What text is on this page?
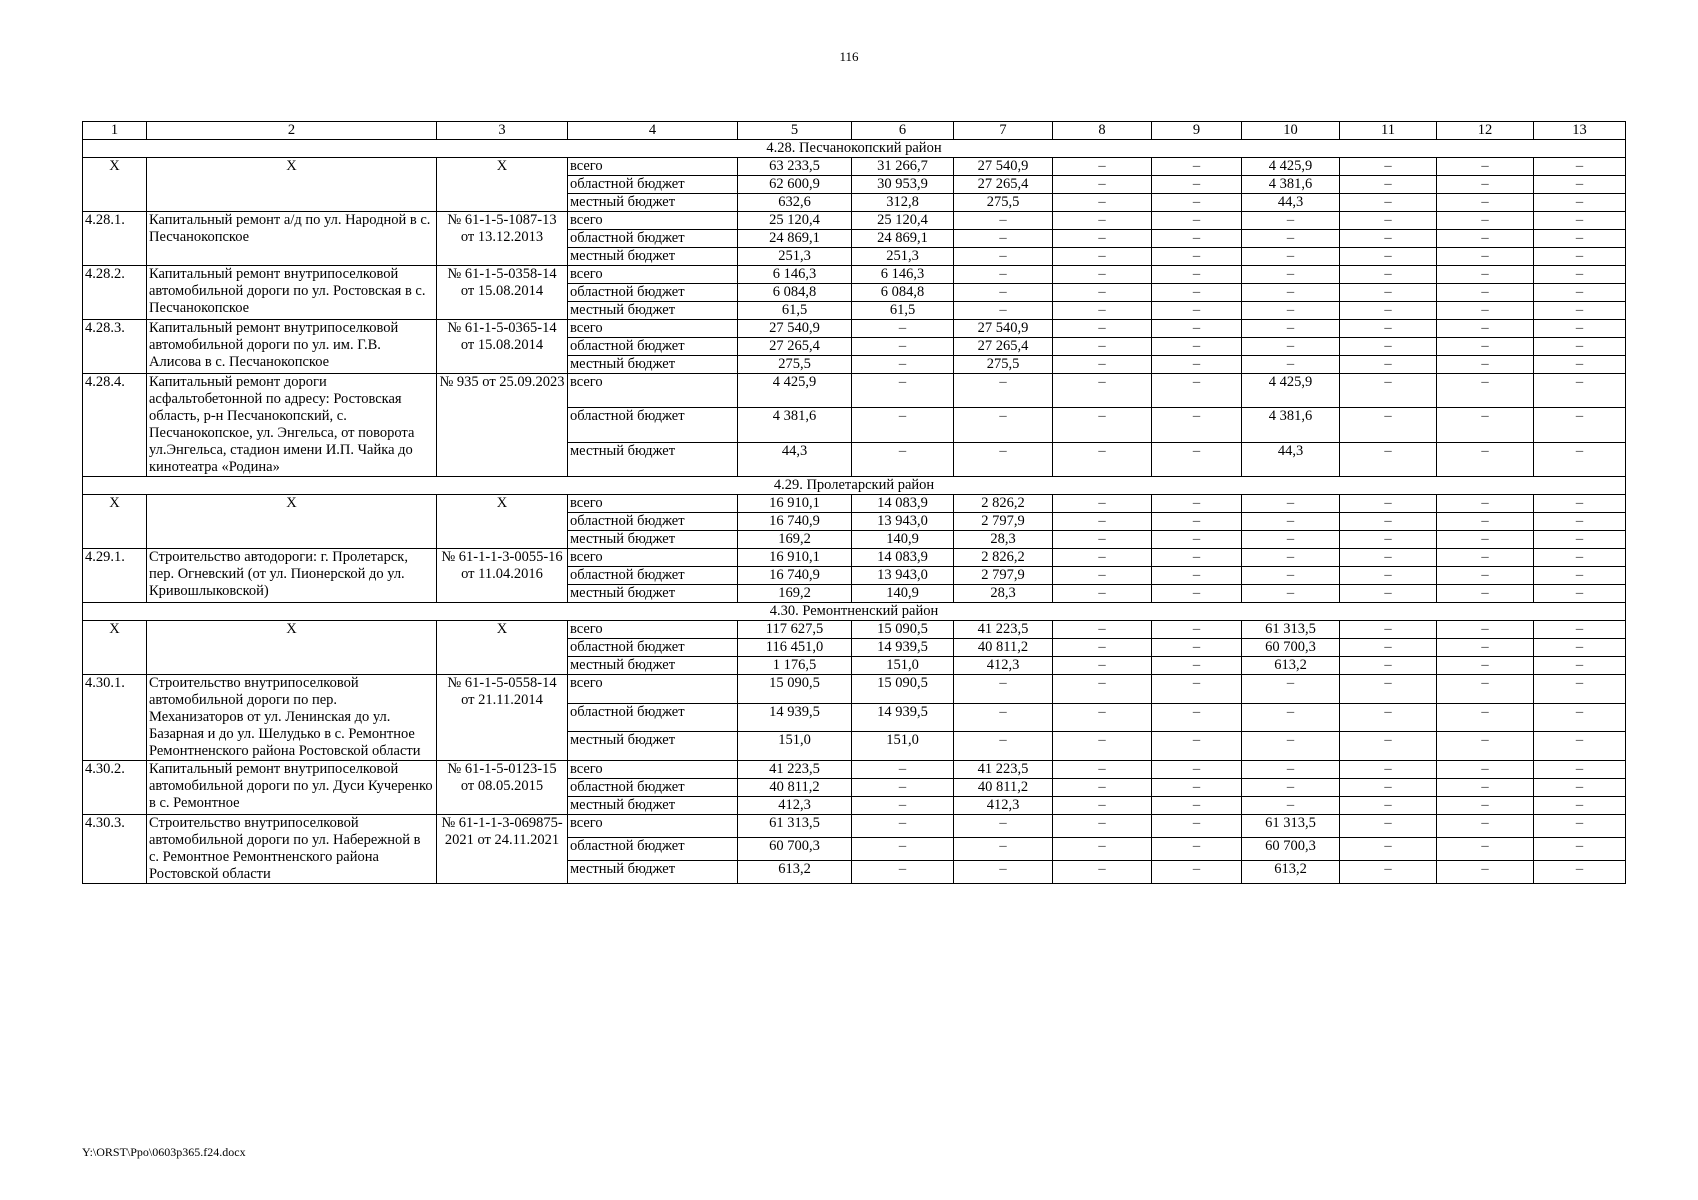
116
1	2	3	4	5	6	7	8	9	10	11	12	13
4.28. Песчанокопский район												
X	X	X	всего	63 233,5	31 266,7	27 540,9	–	–	4 425,9	–	–	–
			областной бюджет	62 600,9	30 953,9	27 265,4	–	–	4 381,6	–	–	–
			местный бюджет	632,6	312,8	275,5	–	–	44,3	–	–	–
4.28.1.	Капитальный ремонт а/д по ул. Народной в с. Песчанокопское	№ 61-1-5-1087-13 от 13.12.2013	всего	25 120,4	25 120,4	–	–	–	–	–	–	–
			областной бюджет	24 869,1	24 869,1	–	–	–	–	–	–	–
			местный бюджет	251,3	251,3	–	–	–	–	–	–	–
4.28.2.	Капитальный ремонт внутрипоселковой автомобильной дороги по ул. Ростовская в с. Песчанокопское	№ 61-1-5-0358-14 от 15.08.2014	всего	6 146,3	6 146,3	–	–	–	–	–	–	–
			областной бюджет	6 084,8	6 084,8	–	–	–	–	–	–	–
			местный бюджет	61,5	61,5	–	–	–	–	–	–	–
4.28.3.	Капитальный ремонт внутрипоселковой автомобильной дороги по ул. им. Г.В. Алисова в с. Песчанокопское	№ 61-1-5-0365-14 от 15.08.2014	всего	27 540,9	–	27 540,9	–	–	–	–	–	–
			областной бюджет	27 265,4	–	27 265,4	–	–	–	–	–	–
			местный бюджет	275,5	–	275,5	–	–	–	–	–	–
4.28.4.	Капитальный ремонт дороги асфальтобетонной по адресу: Ростовская область, р-н Песчанокопский, с. Песчанокопское, ул. Энгельса, от поворота ул.Энгельса, стадион имени И.П. Чайка до кинотеатра «Родина»	№ 935 от 25.09.2023	всего	4 425,9	–	–	–	–	4 425,9	–	–	–
			областной бюджет	4 381,6	–	–	–	–	4 381,6	–	–	–
			местный бюджет	44,3	–	–	–	–	44,3	–	–	–
4.29. Пролетарский район												
X	X	X	всего	16 910,1	14 083,9	2 826,2	–	–	–	–	–	–
			областной бюджет	16 740,9	13 943,0	2 797,9	–	–	–	–	–	–
			местный бюджет	169,2	140,9	28,3	–	–	–	–	–	–
4.29.1.	Строительство автодороги: г. Пролетарск, пер. Огневский (от ул. Пионерской до ул. Кривошлыковской)	№ 61-1-1-3-0055-16 от 11.04.2016	всего	16 910,1	14 083,9	2 826,2	–	–	–	–	–	–
			областной бюджет	16 740,9	13 943,0	2 797,9	–	–	–	–	–	–
			местный бюджет	169,2	140,9	28,3	–	–	–	–	–	–
4.30. Ремонтненский район												
X	X	X	всего	117 627,5	15 090,5	41 223,5	–	–	61 313,5	–	–	–
			областной бюджет	116 451,0	14 939,5	40 811,2	–	–	60 700,3	–	–	–
			местный бюджет	1 176,5	151,0	412,3	–	–	613,2	–	–	–
4.30.1.	Строительство внутрипоселковой автомобильной дороги по пер. Механизаторов от ул. Ленинская до ул. Базарная и до ул. Шелудько в с. Ремонтное Ремонтненского района Ростовской области	№ 61-1-5-0558-14 от 21.11.2014	всего	15 090,5	15 090,5	–	–	–	–	–	–	–
			областной бюджет	14 939,5	14 939,5	–	–	–	–	–	–	–
			местный бюджет	151,0	151,0	–	–	–	–	–	–	–
4.30.2.	Капитальный ремонт внутрипоселковой автомобильной дороги по ул. Дуси Кучеренко в с. Ремонтное	№ 61-1-5-0123-15 от 08.05.2015	всего	41 223,5	–	41 223,5	–	–	–	–	–	–
			областной бюджет	40 811,2	–	40 811,2	–	–	–	–	–	–
			местный бюджет	412,3	–	412,3	–	–	–	–	–	–
4.30.3.	Строительство внутрипоселковой автомобильной дороги по ул. Набережной в с. Ремонтное Ремонтненского района Ростовской области	№ 61-1-1-3-069875-2021 от 24.11.2021	всего	61 313,5	–	–	–	–	61 313,5	–	–	–
			областной бюджет	60 700,3	–	–	–	–	60 700,3	–	–	–
			местный бюджет	613,2	–	–	–	–	613,2	–	–	–
Y:\ORST\Ppo\0603p365.f24.docx
